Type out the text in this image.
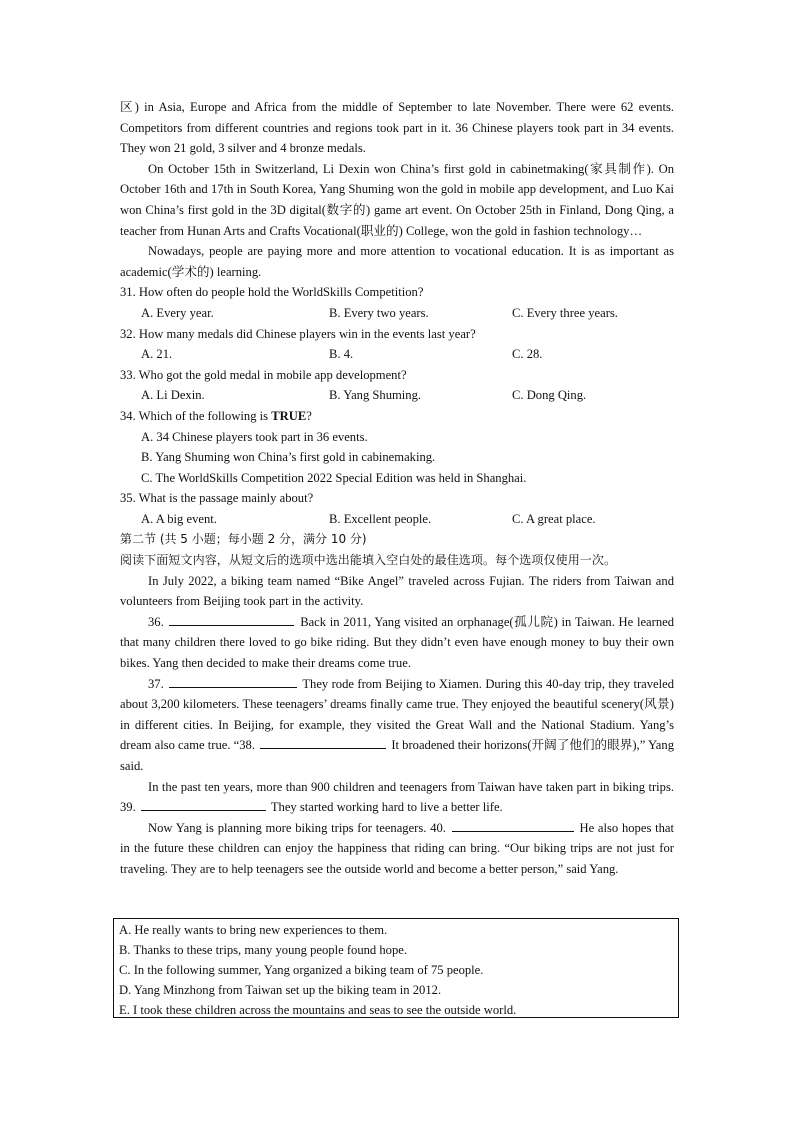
区) in Asia, Europe and Africa from the middle of September to late November. There were 62 events. Competitors from different countries and regions took part in it. 36 Chinese players took part in 34 events. They won 21 gold, 3 silver and 4 bronze medals.

On October 15th in Switzerland, Li Dexin won China’s first gold in cabinetmaking(家具制作). On October 16th and 17th in South Korea, Yang Shuming won the gold in mobile app development, and Luo Kai won China’s first gold in the 3D digital(数字的) game art event. On October 25th in Finland, Dong Qing, a teacher from Hunan Arts and Crafts Vocational(职业的) College, won the gold in fashion technology…

Nowadays, people are paying more and more attention to vocational education. It is as important as academic(学术的) learning.

31. How often do people hold the WorldSkills Competition?
A. Every year.	B. Every two years.	C. Every three years.
32. How many medals did Chinese players win in the events last year?
A. 21.	B. 4.	C. 28.
33. Who got the gold medal in mobile app development?
A. Li Dexin.	B. Yang Shuming.	C. Dong Qing.
34. Which of the following is TRUE?
A. 34 Chinese players took part in 36 events.
B. Yang Shuming won China’s first gold in cabinemaking.
C. The WorldSkills Competition 2022 Special Edition was held in Shanghai.
35. What is the passage mainly about?
A. A big event.	B. Excellent people.	C. A great place.
第二节 (共 5 小题；每小题 2 分，满分 10 分)
阅读下面短文内容，从短文后的选项中选出能填入空白处的最佳选项。每个选项仅使用一次。

In July 2022, a biking team named “Bike Angel” traveled across Fujian. The riders from Taiwan and volunteers from Beijing took part in the activity.

36.	Back in 2011, Yang visited an orphanage(孤儿院) in Taiwan. He learned that many children there loved to go bike riding. But they didn’t even have enough money to buy their own bikes. Yang then decided to make their dreams come true.

37.	They rode from Beijing to Xiamen. During this 40-day trip, they traveled about 3,200 kilometers. These teenagers’ dreams finally came true. They enjoyed the beautiful scenery(风景) in different cities. In Beijing, for example, they visited the Great Wall and the National Stadium. Yang’s dream also came true. “38.	It broadened their horizons(开阔了他们的眼界),” Yang said.

In the past ten years, more than 900 children and teenagers from Taiwan have taken part in biking trips. 39.	They started working hard to live a better life.

Now Yang is planning more biking trips for teenagers. 40.	He also hopes that in the future these children can enjoy the happiness that riding can bring. “Our biking trips are not just for traveling. They are to help teenagers see the outside world and become a better person,” said Yang.

A. He really wants to bring new experiences to them.
B. Thanks to these trips, many young people found hope.
C. In the following summer, Yang organized a biking team of 75 people.
D. Yang Minzhong from Taiwan set up the biking team in 2012.
E. I took these children across the mountains and seas to see the outside world.
